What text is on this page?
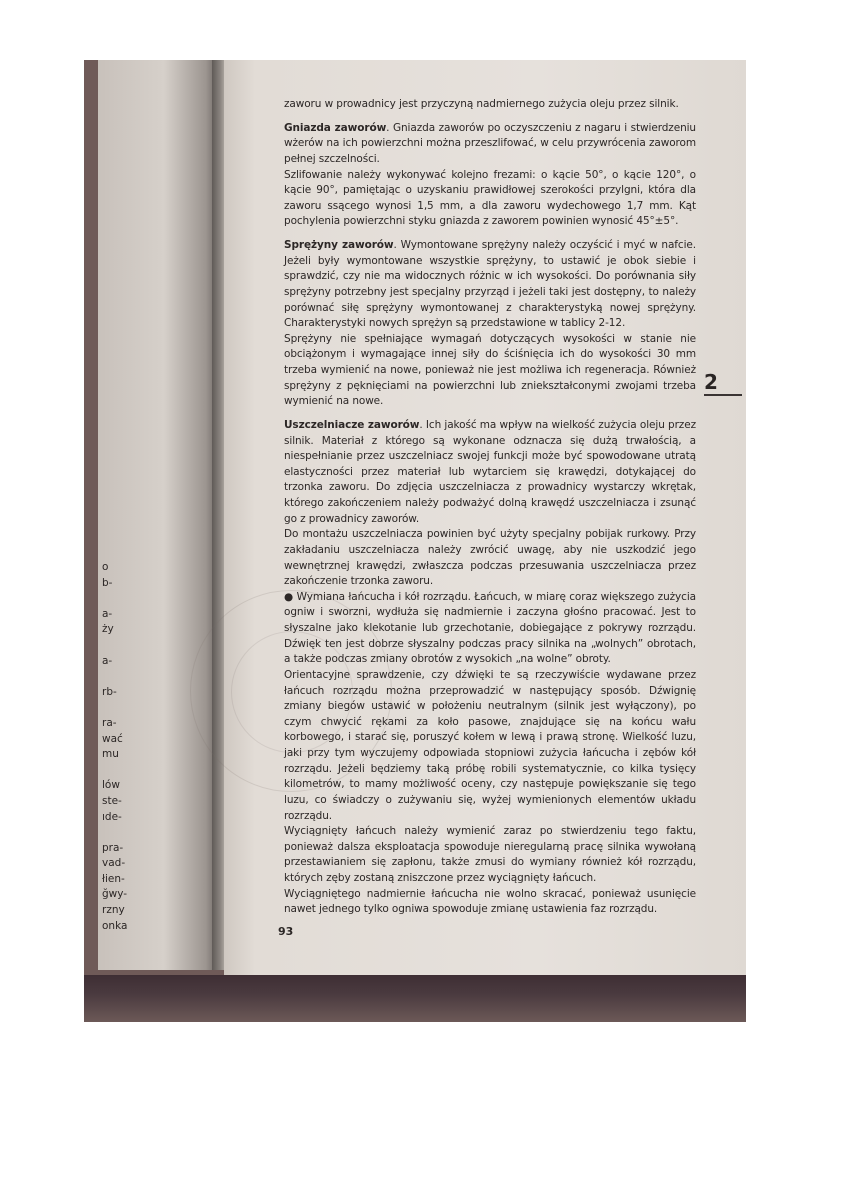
o
b-

a-
ży

a-

rb-

ra-
wać
mu

lów
ste-
ıde-

pra-
vad-
łien-
ğwy-
rzny
onka

zaworu w prowadnicy jest przyczyną nadmiernego zużycia oleju przez silnik.

Gniazda zaworów. Gniazda zaworów po oczyszczeniu z nagaru i stwierdzeniu wżerów na ich powierzchni można przeszlifować, w celu przywrócenia zaworom pełnej szczelności.

Szlifowanie należy wykonywać kolejno frezami: o kącie 50°, o kącie 120°, o kącie 90°, pamiętając o uzyskaniu prawidłowej szerokości przylgni, która dla zaworu ssącego wynosi 1,5 mm, a dla zaworu wydechowego 1,7 mm. Kąt pochylenia powierzchni styku gniazda z zaworem powinien wynosić 45°±5°.

Sprężyny zaworów. Wymontowane sprężyny należy oczyścić i myć w nafcie. Jeżeli były wymontowane wszystkie sprężyny, to ustawić je obok siebie i sprawdzić, czy nie ma widocznych różnic w ich wysokości. Do porównania siły sprężyny potrzebny jest specjalny przyrząd i jeżeli taki jest dostępny, to należy porównać siłę sprężyny wymontowanej z charakterystyką nowej sprężyny. Charakterystyki nowych sprężyn są przedstawione w tablicy 2-12.

Sprężyny nie spełniające wymagań dotyczących wysokości w stanie nie obciążonym i wymagające innej siły do ściśnięcia ich do wysokości 30 mm trzeba wymienić na nowe, ponieważ nie jest możliwa ich regeneracja. Również sprężyny z pęknięciami na powierzchni lub zniekształconymi zwojami trzeba wymienić na nowe.

Uszczelniacze zaworów. Ich jakość ma wpływ na wielkość zużycia oleju przez silnik. Materiał z którego są wykonane odznacza się dużą trwałością, a niespełnianie przez uszczelniacz swojej funkcji może być spowodowane utratą elastyczności przez materiał lub wytarciem się krawędzi, dotykającej do trzonka zaworu. Do zdjęcia uszczelniacza z prowadnicy wystarczy wkrętak, którego zakończeniem należy podważyć dolną krawędź uszczelniacza i zsunąć go z prowadnicy zaworów.

Do montażu uszczelniacza powinien być użyty specjalny pobijak rurkowy. Przy zakładaniu uszczelniacza należy zwrócić uwagę, aby nie uszkodzić jego wewnętrznej krawędzi, zwłaszcza podczas przesuwania uszczelniacza przez zakończenie trzonka zaworu.

● Wymiana łańcucha i kół rozrządu. Łańcuch, w miarę coraz większego zużycia ogniw i sworzni, wydłuża się nadmiernie i zaczyna głośno pracować. Jest to słyszalne jako klekotanie lub grzechotanie, dobiegające z pokrywy rozrządu. Dźwięk ten jest dobrze słyszalny podczas pracy silnika na „wolnych” obrotach, a także podczas zmiany obrotów z wysokich „na wolne” obroty.

Orientacyjne sprawdzenie, czy dźwięki te są rzeczywiście wydawane przez łańcuch rozrządu można przeprowadzić w następujący sposób. Dźwignię zmiany biegów ustawić w położeniu neutralnym (silnik jest wyłączony), po czym chwycić rękami za koło pasowe, znajdujące się na końcu wału korbowego, i starać się, poruszyć kołem w lewą i prawą stronę. Wielkość luzu, jaki przy tym wyczujemy odpowiada stopniowi zużycia łańcucha i zębów kół rozrządu. Jeżeli będziemy taką próbę robili systematycznie, co kilka tysięcy kilometrów, to mamy możliwość oceny, czy następuje powiększanie się tego luzu, co świadczy o zużywaniu się, wyżej wymienionych elementów układu rozrządu.

Wyciągnięty łańcuch należy wymienić zaraz po stwierdzeniu tego faktu, ponieważ dalsza eksploatacja spowoduje nieregularną pracę silnika wywołaną przestawianiem się zapłonu, także zmusi do wymiany również kół rozrządu, których zęby zostaną zniszczone przez wyciągnięty łańcuch.

Wyciągniętego nadmiernie łańcucha nie wolno skracać, ponieważ usunięcie nawet jednego tylko ogniwa spowoduje zmianę ustawienia faz rozrządu.

2
93
